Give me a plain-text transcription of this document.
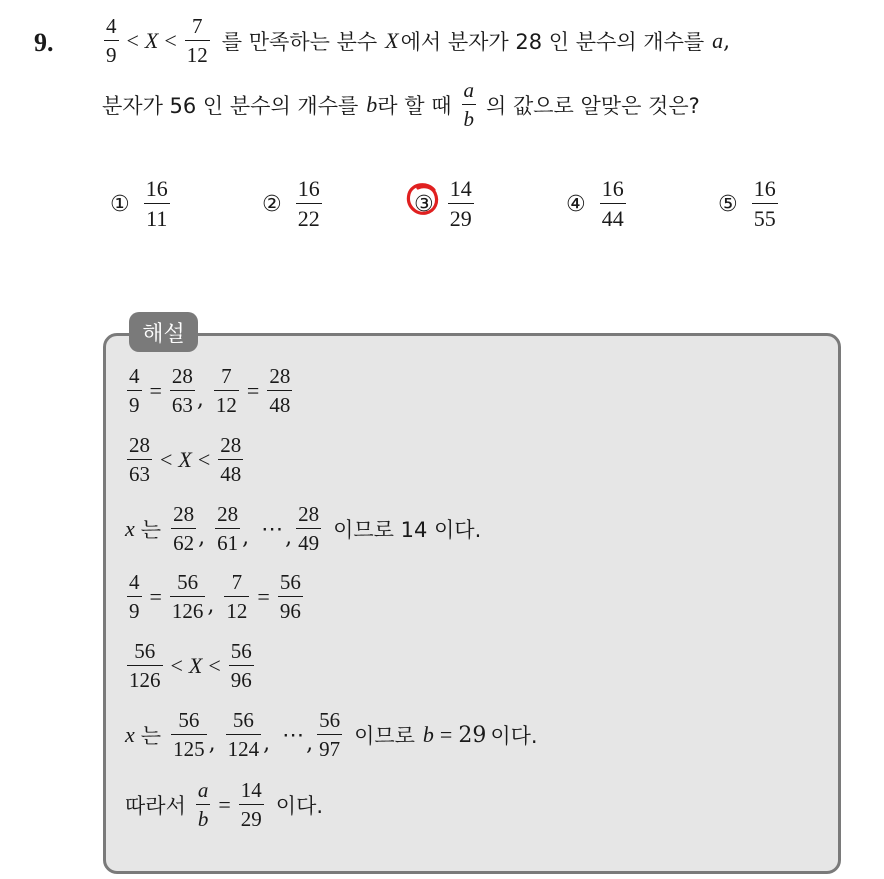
9. $\frac{4}{9} < X < \frac{7}{12}$ 를 만족하는 분수 X 에서 분자가 28 인 분수의 개수를 a ,
분자가 56 인 분수의 개수를 b 라 할 때 $\frac{a}{b}$ 의 값으로 알맞은 것은?
① $\frac{16}{11}$	② $\frac{16}{22}$	③ $\frac{14}{29}$	④ $\frac{16}{44}$	⑤ $\frac{16}{55}$
해설
$\frac{4}{9} = \frac{28}{63}$ , $\frac{7}{12} = \frac{28}{48}$
$\frac{28}{63} < X < \frac{28}{48}$
x 는 $\frac{28}{62}$ , $\frac{28}{61}$ , ⋯ , $\frac{28}{49}$ 이므로 14 이다.
$\frac{4}{9} = \frac{56}{126}$ , $\frac{7}{12} = \frac{56}{96}$
$\frac{56}{126} < X < \frac{56}{96}$
x 는 $\frac{56}{125}$ , $\frac{56}{124}$ , ⋯ , $\frac{56}{97}$ 이므로 b = 29 이다.
따라서 $\frac{a}{b} = \frac{14}{29}$ 이다.
